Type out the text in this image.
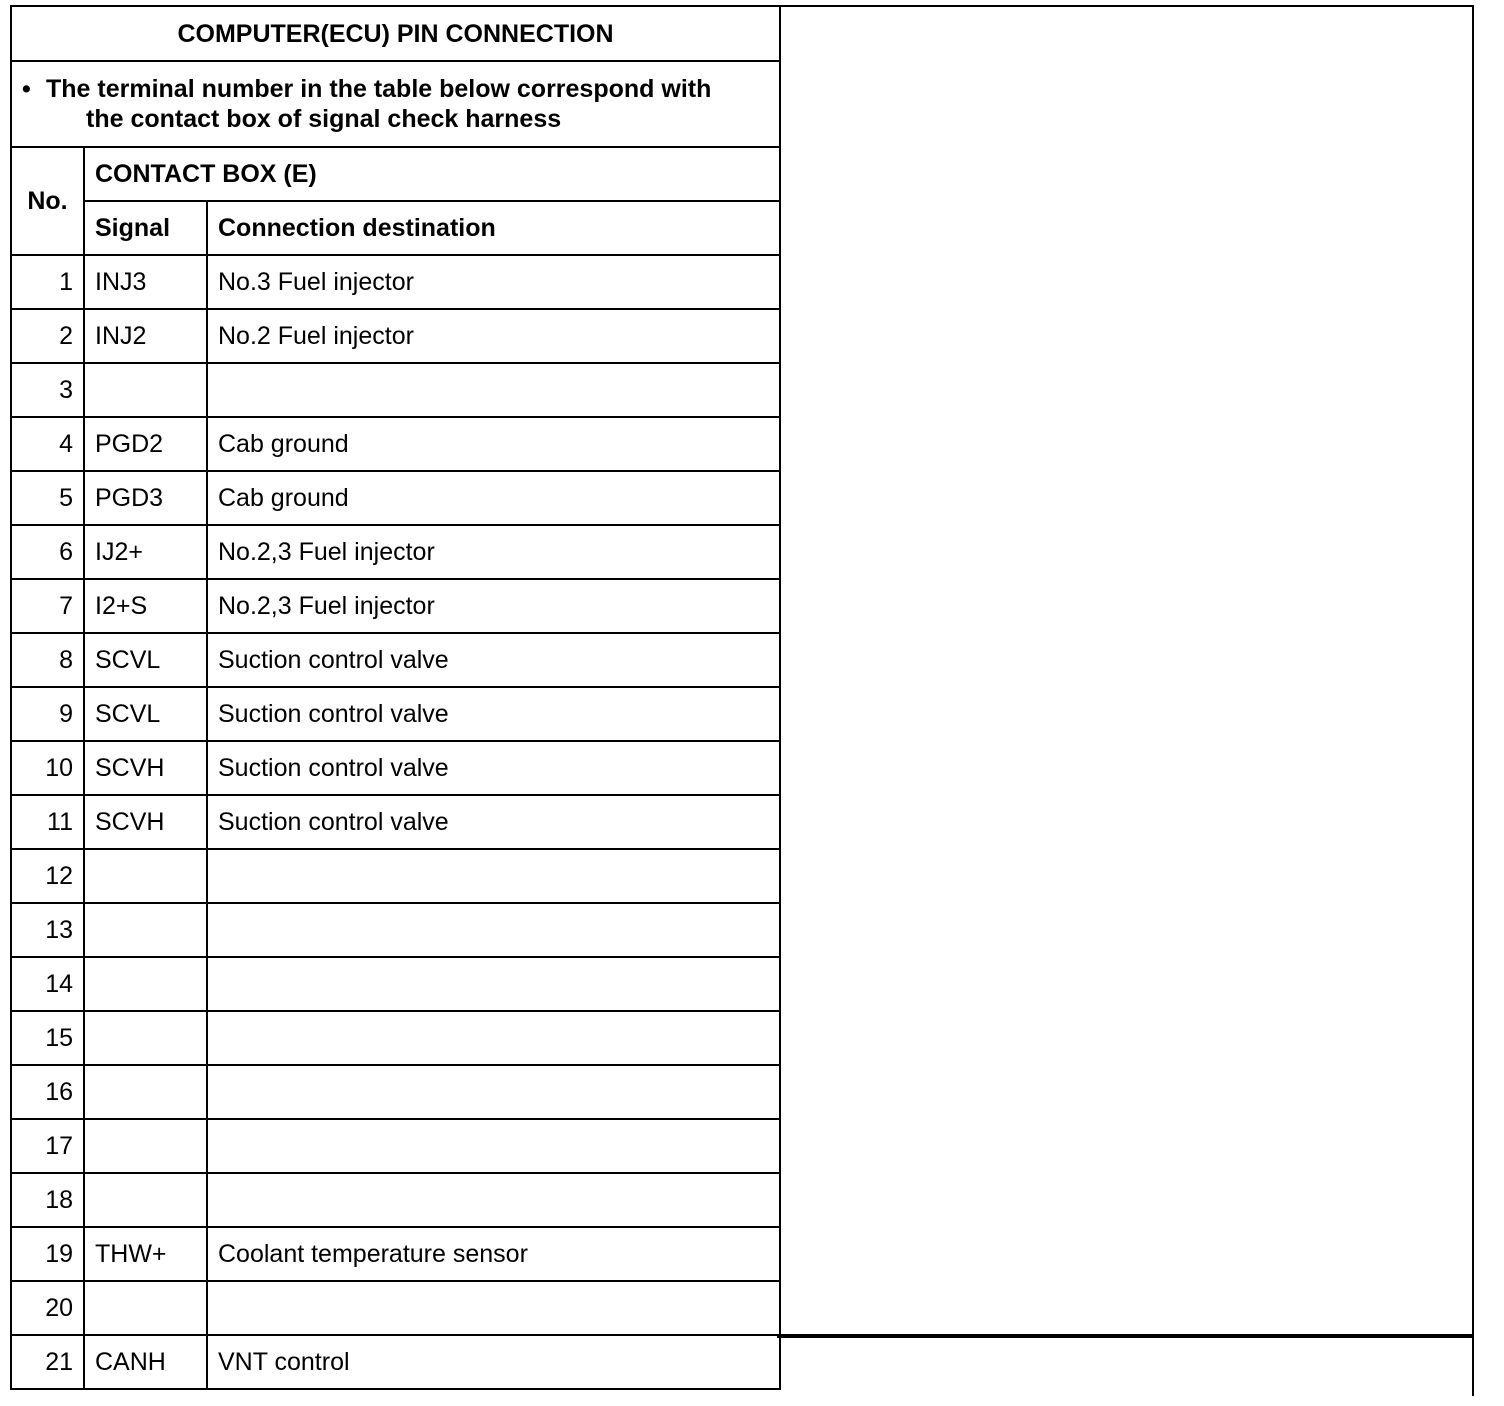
COMPUTER(ECU) PIN CONNECTION		
• The terminal number in the table below correspond with
the contact box of signal check harness		

No.	CONTACT BOX (E)	
	Signal	Connection destination
1	INJ3	No.3 Fuel injector
2	INJ2	No.2 Fuel injector
3		
4	PGD2	Cab ground
5	PGD3	Cab ground
6	IJ2+	No.2,3 Fuel injector
7	I2+S	No.2,3 Fuel injector
8	SCVL	Suction control valve
9	SCVL	Suction control valve
10	SCVH	Suction control valve
11	SCVH	Suction control valve
12		
13		
14		
15		
16		
17		
18		
19	THW+	Coolant temperature sensor
20		
21	CANH	VNT control
